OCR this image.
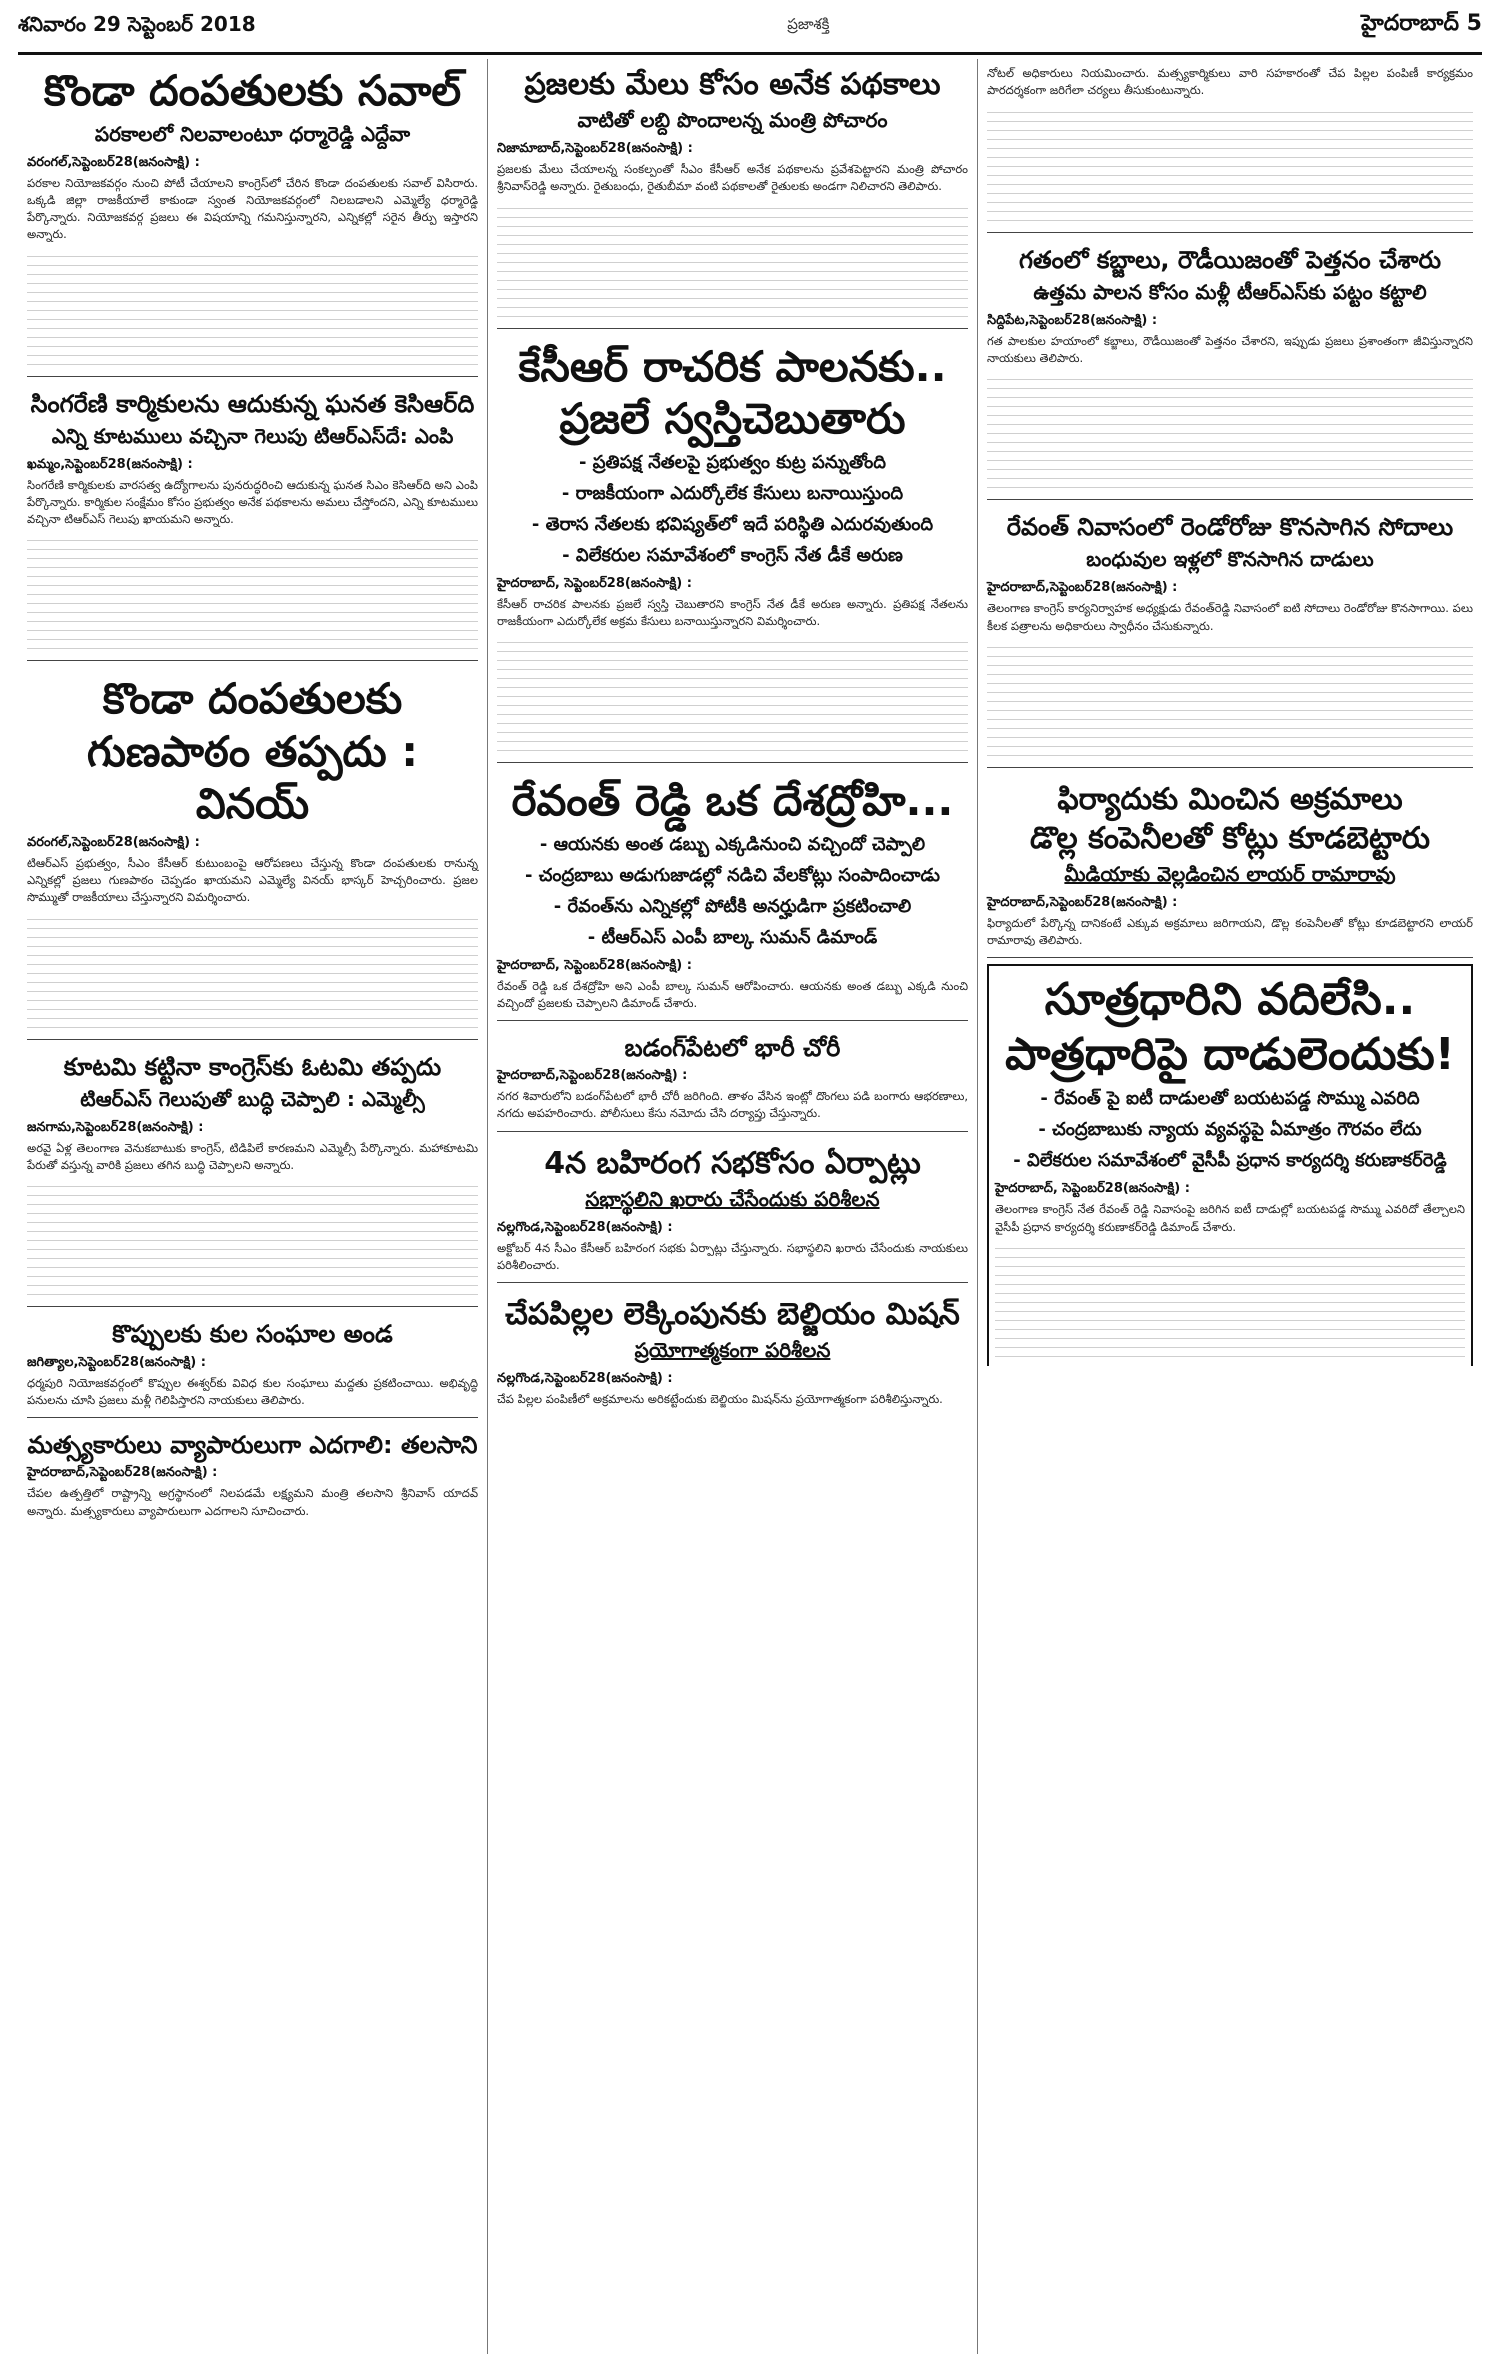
శనివారం 29 సెప్టెంబర్ 2018	ప్రజాశక్తి	హైదరాబాద్ 5
కొండా దంపతులకు సవాల్
పరకాలలో నిలవాలంటూ ధర్మారెడ్డి ఎద్దేవా
వరంగల్,సెప్టెంబర్28(జనంసాక్షి) :

పరకాల నియోజకవర్గం నుంచి పోటీ చేయాలని కాంగ్రెస్‌లో చేరిన కొండా దంపతులకు సవాల్ విసిరారు. ఒక్కడి జిల్లా రాజకీయాలే కాకుండా స్వంత నియోజకవర్గంలో నిలబడాలని ఎమ్మెల్యే ధర్మారెడ్డి పేర్కొన్నారు. నియోజకవర్గ ప్రజలు ఈ విషయాన్ని గమనిస్తున్నారని, ఎన్నికల్లో సరైన తీర్పు ఇస్తారని అన్నారు.

సింగరేణి కార్మికులను ఆదుకున్న ఘనత కెసిఆర్‌ది
ఎన్ని కూటములు వచ్చినా గెలుపు టిఆర్‌ఎస్‌దే: ఎంపి
ఖమ్మం,సెప్టెంబర్28(జనంసాక్షి) :

సింగరేణి కార్మికులకు వారసత్వ ఉద్యోగాలను పునరుద్ధరించి ఆదుకున్న ఘనత సిఎం కెసిఆర్‌ది అని ఎంపి పేర్కొన్నారు. కార్మికుల సంక్షేమం కోసం ప్రభుత్వం అనేక పథకాలను అమలు చేస్తోందని, ఎన్ని కూటములు వచ్చినా టిఆర్‌ఎస్ గెలుపు ఖాయమని అన్నారు.

కొండా దంపతులకు గుణపాఠం తప్పదు : వినయ్
వరంగల్,సెప్టెంబర్28(జనంసాక్షి) :

టిఆర్‌ఎస్ ప్రభుత్వం, సీఎం కేసీఆర్ కుటుంబంపై ఆరోపణలు చేస్తున్న కొండా దంపతులకు రానున్న ఎన్నికల్లో ప్రజలు గుణపాఠం చెప్పడం ఖాయమని ఎమ్మెల్యే వినయ్ భాస్కర్ హెచ్చరించారు. ప్రజల సొమ్ముతో రాజకీయాలు చేస్తున్నారని విమర్శించారు.

కూటమి కట్టినా కాంగ్రెస్‌కు ఓటమి తప్పదు
టిఆర్‌ఎస్ గెలుపుతో బుద్ధి చెప్పాలి : ఎమ్మెల్సీ
జనగామ,సెప్టెంబర్28(జనంసాక్షి) :

అరవై ఏళ్ల తెలంగాణ వెనుకబాటుకు కాంగ్రెస్, టిడిపిలే కారణమని ఎమ్మెల్సీ పేర్కొన్నారు. మహాకూటమి పేరుతో వస్తున్న వారికి ప్రజలు తగిన బుద్ధి చెప్పాలని అన్నారు.

కొప్పులకు కుల సంఘాల అండ
జగిత్యాల,సెప్టెంబర్28(జనంసాక్షి) :

ధర్మపురి నియోజకవర్గంలో కొప్పుల ఈశ్వర్‌కు వివిధ కుల సంఘాలు మద్దతు ప్రకటించాయి. అభివృద్ధి పనులను చూసి ప్రజలు మళ్లీ గెలిపిస్తారని నాయకులు తెలిపారు.

మత్స్యకారులు వ్యాపారులుగా ఎదగాలి: తలసాని
హైదరాబాద్,సెప్టెంబర్28(జనంసాక్షి) :

చేపల ఉత్పత్తిలో రాష్ట్రాన్ని అగ్రస్థానంలో నిలపడమే లక్ష్యమని మంత్రి తలసాని శ్రీనివాస్ యాదవ్ అన్నారు. మత్స్యకారులు వ్యాపారులుగా ఎదగాలని సూచించారు.

ప్రజలకు మేలు కోసం అనేక పథకాలు
వాటితో లబ్ది పొందాలన్న మంత్రి పోచారం
నిజామాబాద్,సెప్టెంబర్28(జనంసాక్షి) :

ప్రజలకు మేలు చేయాలన్న సంకల్పంతో సీఎం కేసీఆర్ అనేక పథకాలను ప్రవేశపెట్టారని మంత్రి పోచారం శ్రీనివాస్‌రెడ్డి అన్నారు. రైతుబంధు, రైతుబీమా వంటి పథకాలతో రైతులకు అండగా నిలిచారని తెలిపారు.

కేసీఆర్ రాచరిక పాలనకు.. ప్రజలే స్వస్తిచెబుతారు
- ప్రతిపక్ష నేతలపై ప్రభుత్వం కుట్ర పన్నుతోంది
- రాజకీయంగా ఎదుర్కోలేక కేసులు బనాయిస్తుంది
- తెరాస నేతలకు భవిష్యత్‌లో ఇదే పరిస్థితి ఎదురవుతుంది
- విలేకరుల సమావేశంలో కాంగ్రెస్ నేత డీకే అరుణ
హైదరాబాద్, సెప్టెంబర్28(జనంసాక్షి) :

కేసీఆర్ రాచరిక పాలనకు ప్రజలే స్వస్తి చెబుతారని కాంగ్రెస్ నేత డీకే అరుణ అన్నారు. ప్రతిపక్ష నేతలను రాజకీయంగా ఎదుర్కోలేక అక్రమ కేసులు బనాయిస్తున్నారని విమర్శించారు.

రేవంత్ రెడ్డి ఒక దేశద్రోహి...
- ఆయనకు అంత డబ్బు ఎక్కడినుంచి వచ్చిందో చెప్పాలి
- చంద్రబాబు అడుగుజాడల్లో నడిచి వేలకోట్లు సంపాదించాడు
- రేవంత్‌ను ఎన్నికల్లో పోటీకి అనర్హుడిగా ప్రకటించాలి
- టీఆర్ఎస్ ఎంపీ బాల్క సుమన్ డిమాండ్
హైదరాబాద్, సెప్టెంబర్28(జనంసాక్షి) :

రేవంత్ రెడ్డి ఒక దేశద్రోహి అని ఎంపీ బాల్క సుమన్ ఆరోపించారు. ఆయనకు అంత డబ్బు ఎక్కడి నుంచి వచ్చిందో ప్రజలకు చెప్పాలని డిమాండ్ చేశారు.

బడంగ్‌పేటలో భారీ చోరీ
హైదరాబాద్,సెప్టెంబర్28(జనంసాక్షి) :

నగర శివారులోని బడంగ్‌పేటలో భారీ చోరీ జరిగింది. తాళం వేసిన ఇంట్లో దొంగలు పడి బంగారు ఆభరణాలు, నగదు అపహరించారు. పోలీసులు కేసు నమోదు చేసి దర్యాప్తు చేస్తున్నారు.

4న బహిరంగ సభకోసం ఏర్పాట్లు
సభాస్థలిని ఖరారు చేసేందుకు పరిశీలన
నల్లగొండ,సెప్టెంబర్28(జనంసాక్షి) :

అక్టోబర్ 4న సీఎం కేసీఆర్ బహిరంగ సభకు ఏర్పాట్లు చేస్తున్నారు. సభాస్థలిని ఖరారు చేసేందుకు నాయకులు పరిశీలించారు.

చేపపిల్లల లెక్కింపునకు బెల్జియం మిషన్
ప్రయోగాత్మకంగా పరిశీలన
నల్లగొండ,సెప్టెంబర్28(జనంసాక్షి) :

చేప పిల్లల పంపిణీలో అక్రమాలను అరికట్టేందుకు బెల్జియం మిషన్‌ను ప్రయోగాత్మకంగా పరిశీలిస్తున్నారు.

నోటల్ అధికారులు నియమించారు. మత్స్యకార్మికులు వారి సహకారంతో చేప పిల్లల పంపిణీ కార్యక్రమం పారదర్శకంగా జరిగేలా చర్యలు తీసుకుంటున్నారు.

గతంలో కబ్జాలు, రౌడీయిజంతో పెత్తనం చేశారు
ఉత్తమ పాలన కోసం మళ్లీ టీఆర్ఎస్‌కు పట్టం కట్టాలి
సిద్దిపేట,సెప్టెంబర్28(జనంసాక్షి) :

గత పాలకుల హయాంలో కబ్జాలు, రౌడీయిజంతో పెత్తనం చేశారని, ఇప్పుడు ప్రజలు ప్రశాంతంగా జీవిస్తున్నారని నాయకులు తెలిపారు.

రేవంత్ నివాసంలో రెండోరోజు కొనసాగిన సోదాలు
బంధువుల ఇళ్లలో కొనసాగిన దాడులు
హైదరాబాద్,సెప్టెంబర్28(జనంసాక్షి) :

తెలంగాణ కాంగ్రెస్ కార్యనిర్వాహక అధ్యక్షుడు రేవంత్‌రెడ్డి నివాసంలో ఐటి సోదాలు రెండోరోజు కొనసాగాయి. పలు కీలక పత్రాలను అధికారులు స్వాధీనం చేసుకున్నారు.

ఫిర్యాదుకు మించిన అక్రమాలు
డొల్ల కంపెనీలతో కోట్లు కూడబెట్టారు
మీడియాకు వెల్లడించిన లాయర్ రామారావు
హైదరాబాద్,సెప్టెంబర్28(జనంసాక్షి) :

ఫిర్యాదులో పేర్కొన్న దానికంటే ఎక్కువ అక్రమాలు జరిగాయని, డొల్ల కంపెనీలతో కోట్లు కూడబెట్టారని లాయర్ రామారావు తెలిపారు.

సూత్రధారిని వదిలేసి.. పాత్రధారిపై దాడులెందుకు!
- రేవంత్ పై ఐటీ దాడులతో బయటపడ్డ సొమ్ము ఎవరిది
- చంద్రబాబుకు న్యాయ వ్యవస్థపై ఏమాత్రం గౌరవం లేదు
- విలేకరుల సమావేశంలో వైసీపీ ప్రధాన కార్యదర్శి కరుణాకర్‌రెడ్డి
హైదరాబాద్, సెప్టెంబర్28(జనంసాక్షి) :

తెలంగాణ కాంగ్రెస్ నేత రేవంత్ రెడ్డి నివాసంపై జరిగిన ఐటీ దాడుల్లో బయటపడ్డ సొమ్ము ఎవరిదో తేల్చాలని వైసీపీ ప్రధాన కార్యదర్శి కరుణాకర్‌రెడ్డి డిమాండ్ చేశారు.
